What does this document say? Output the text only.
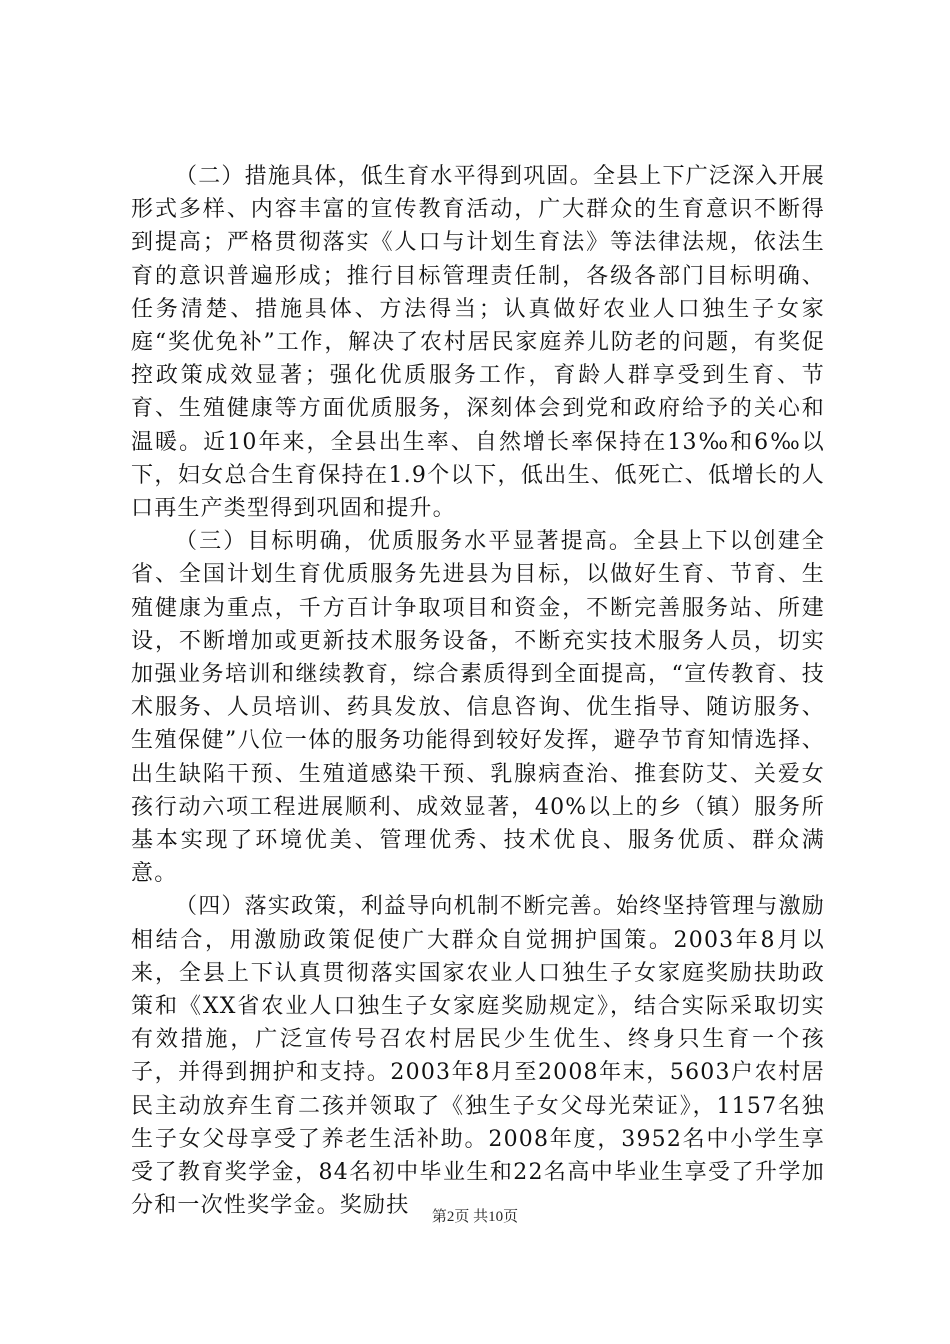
（二）措施具体，低生育水平得到巩固。全县上下广泛深入开展形式多样、内容丰富的宣传教育活动，广大群众的生育意识不断得到提高；严格贯彻落实《人口与计划生育法》等法律法规，依法生育的意识普遍形成；推行目标管理责任制，各级各部门目标明确、任务清楚、措施具体、方法得当；认真做好农业人口独生子女家庭“奖优免补”工作，解决了农村居民家庭养儿防老的问题，有奖促控政策成效显著；强化优质服务工作，育龄人群享受到生育、节育、生殖健康等方面优质服务，深刻体会到党和政府给予的关心和温暖。近10年来，全县出生率、自然增长率保持在13‰和6‰以下，妇女总合生育保持在1.9个以下，低出生、低死亡、低增长的人口再生产类型得到巩固和提升。

（三）目标明确，优质服务水平显著提高。全县上下以创建全省、全国计划生育优质服务先进县为目标，以做好生育、节育、生殖健康为重点，千方百计争取项目和资金，不断完善服务站、所建设，不断增加或更新技术服务设备，不断充实技术服务人员，切实加强业务培训和继续教育，综合素质得到全面提高，“宣传教育、技术服务、人员培训、药具发放、信息咨询、优生指导、随访服务、生殖保健”八位一体的服务功能得到较好发挥，避孕节育知情选择、出生缺陷干预、生殖道感染干预、乳腺病查治、推套防艾、关爱女孩行动六项工程进展顺利、成效显著，40%以上的乡（镇）服务所基本实现了环境优美、管理优秀、技术优良、服务优质、群众满意。

（四）落实政策，利益导向机制不断完善。始终坚持管理与激励相结合，用激励政策促使广大群众自觉拥护国策。2003年8月以来，全县上下认真贯彻落实国家农业人口独生子女家庭奖励扶助政策和《XX省农业人口独生子女家庭奖励规定》，结合实际采取切实有效措施，广泛宣传号召农村居民少生优生、终身只生育一个孩子，并得到拥护和支持。2003年8月至2008年末，5603户农村居民主动放弃生育二孩并领取了《独生子女父母光荣证》，1157名独生子女父母享受了养老生活补助。2008年度，3952名中小学生享受了教育奖学金，84名初中毕业生和22名高中毕业生享受了升学加分和一次性奖学金。奖励扶	第2页 共10页
